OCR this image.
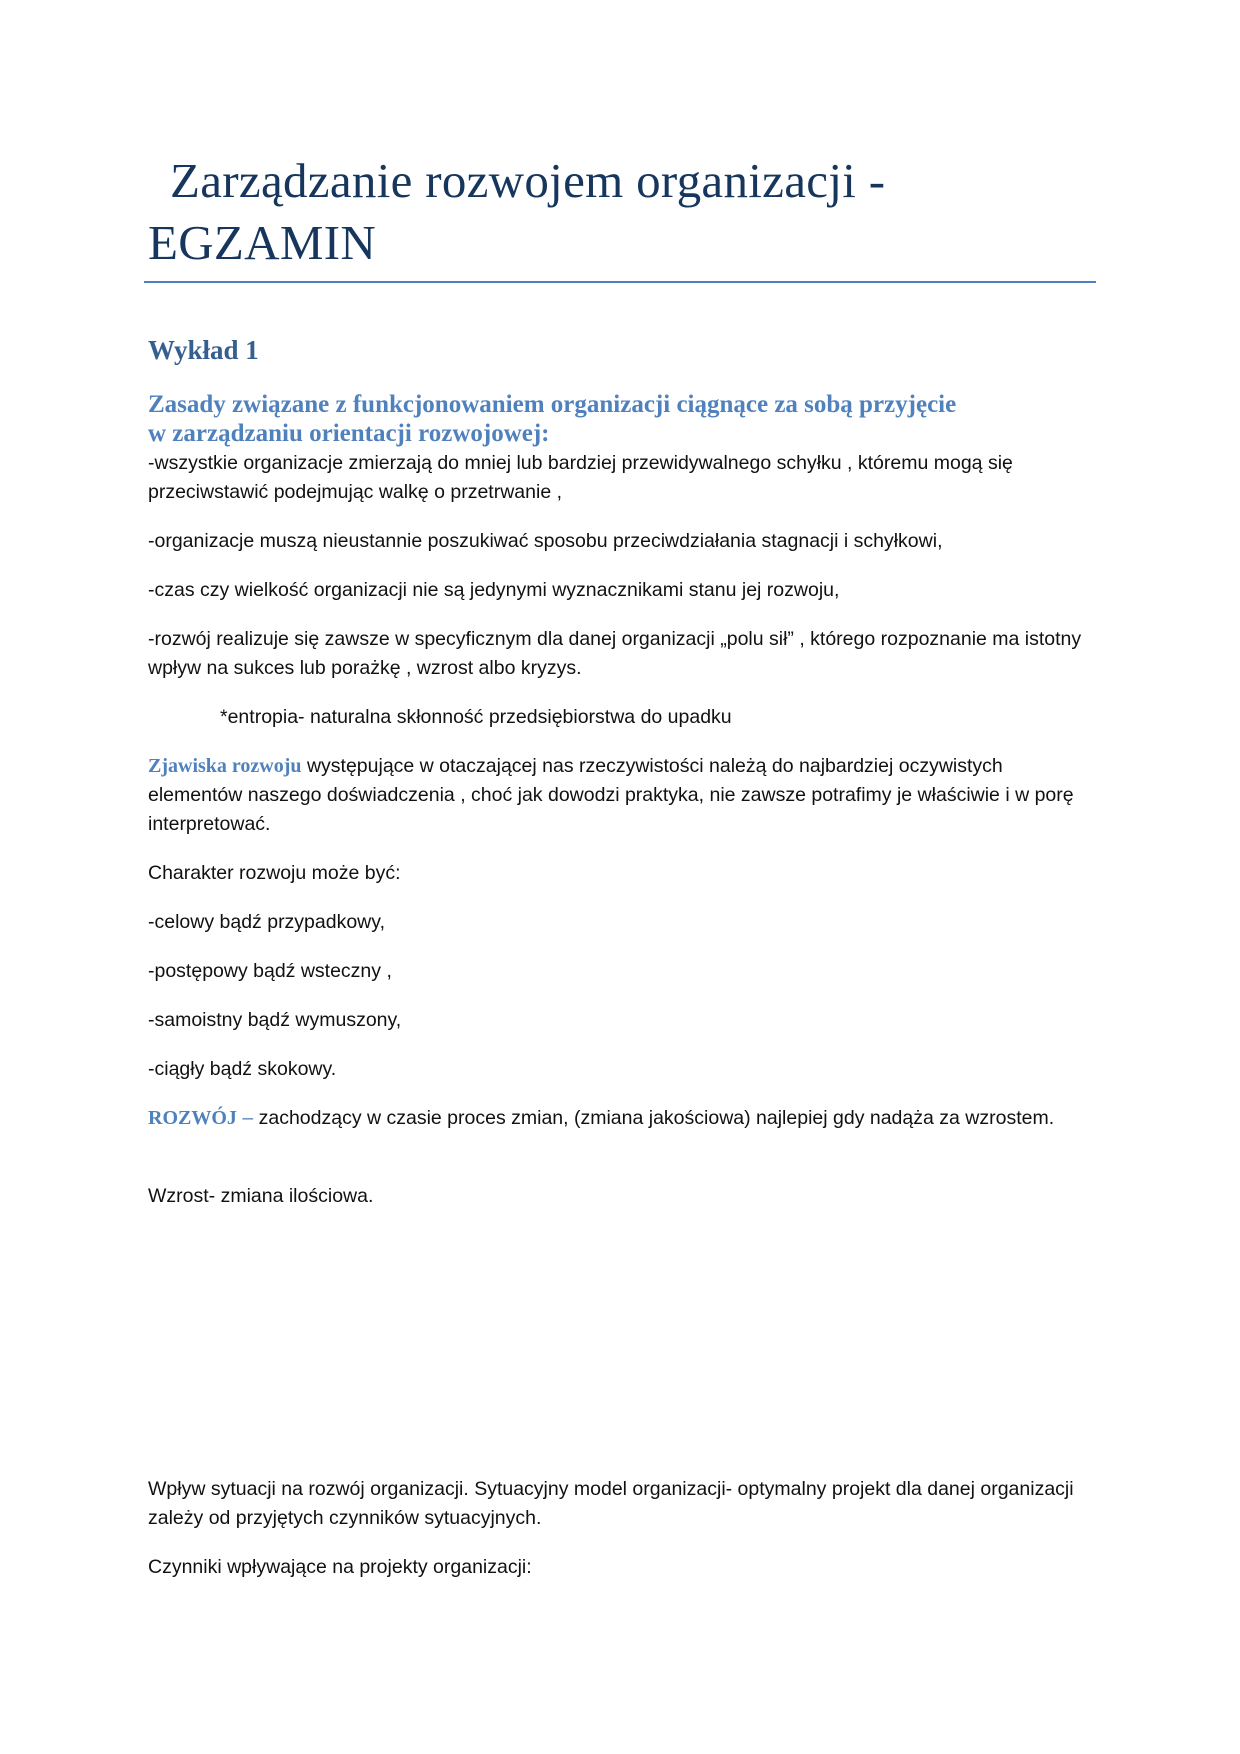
Zarządzanie rozwojem organizacji -
EGZAMIN
Wykład 1
Zasady związane z funkcjonowaniem organizacji ciągnące za sobą przyjęcie
w zarządzaniu orientacji rozwojowej:

-wszystkie organizacje zmierzają do mniej lub bardziej przewidywalnego schyłku , któremu mogą się przeciwstawić podejmując walkę o przetrwanie ,

-organizacje muszą nieustannie poszukiwać sposobu przeciwdziałania stagnacji i schyłkowi,

-czas czy wielkość organizacji nie są jedynymi wyznacznikami stanu jej rozwoju,

-rozwój realizuje się zawsze w specyficznym dla danej organizacji „polu sił” , którego rozpoznanie ma istotny wpływ na sukces lub porażkę , wzrost albo kryzys.

*entropia- naturalna skłonność przedsiębiorstwa do upadku

Zjawiska rozwoju występujące w otaczającej nas rzeczywistości należą do najbardziej oczywistych elementów naszego doświadczenia , choć jak dowodzi praktyka, nie zawsze potrafimy je właściwie i w porę interpretować.

Charakter rozwoju może być:

-celowy bądź przypadkowy,

-postępowy bądź wsteczny ,

-samoistny bądź wymuszony,

-ciągły bądź skokowy.

ROZWÓJ – zachodzący w czasie proces zmian, (zmiana jakościowa) najlepiej gdy nadąża za wzrostem.

Wzrost- zmiana ilościowa.

Wpływ sytuacji na rozwój organizacji. Sytuacyjny model organizacji- optymalny projekt dla danej organizacji zależy od przyjętych czynników sytuacyjnych.

Czynniki wpływające na projekty organizacji:
